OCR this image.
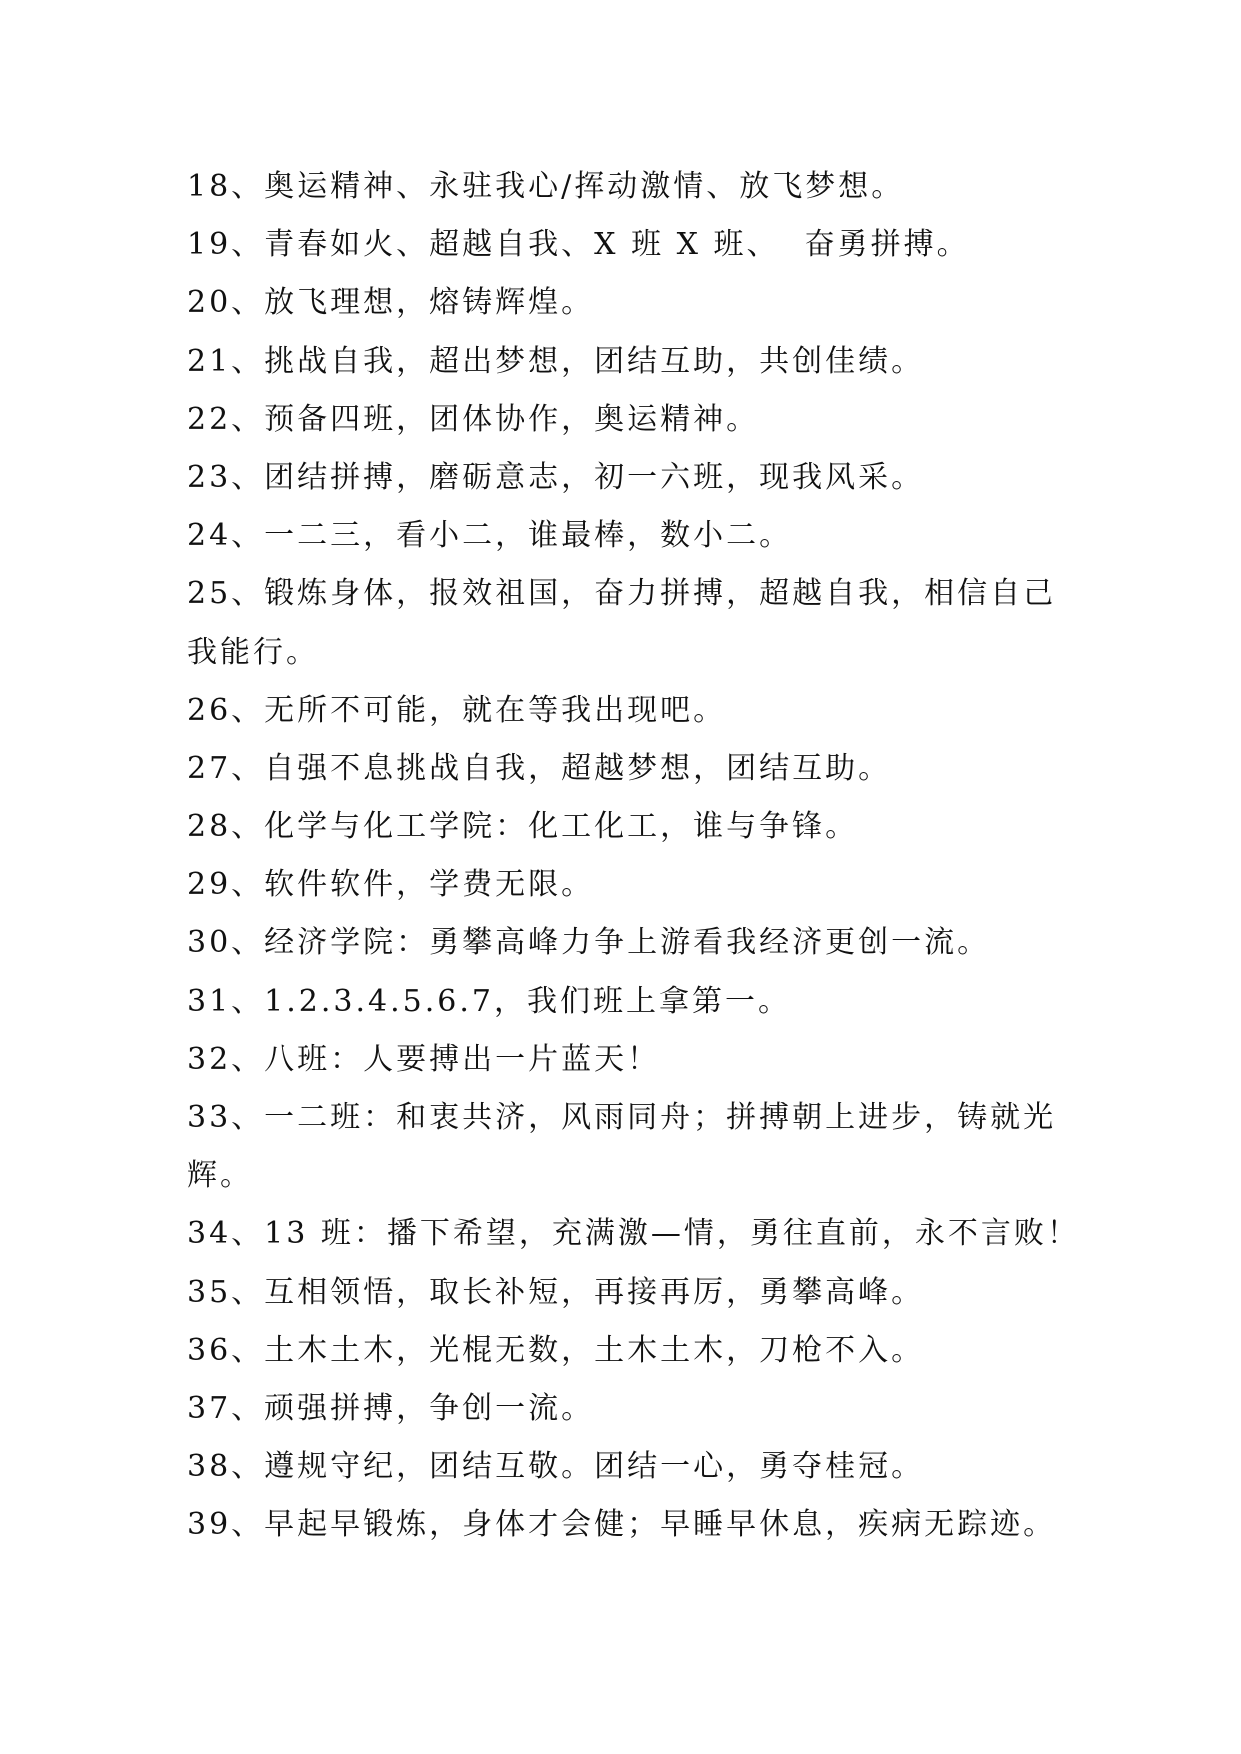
18、奥运精神、永驻我心/挥动激情、放飞梦想。
19、青春如火、超越自我、X 班 X 班、  奋勇拼搏。
20、放飞理想，熔铸辉煌。
21、挑战自我，超出梦想，团结互助，共创佳绩。
22、预备四班，团体协作，奥运精神。
23、团结拼搏，磨砺意志，初一六班，现我风采。
24、一二三，看小二，谁最棒，数小二。
25、锻炼身体，报效祖国，奋力拼搏，超越自我，相信自己
我能行。
26、无所不可能，就在等我出现吧。
27、自强不息挑战自我，超越梦想，团结互助。
28、化学与化工学院：化工化工，谁与争锋。
29、软件软件，学费无限。
30、经济学院：勇攀高峰力争上游看我经济更创一流。
31、1.2.3.4.5.6.7，我们班上拿第一。
32、八班：人要搏出一片蓝天！
33、一二班：和衷共济，风雨同舟；拼搏朝上进步，铸就光
辉。
34、13 班：播下希望，充满激—情，勇往直前，永不言败！
35、互相领悟，取长补短，再接再厉，勇攀高峰。
36、土木土木，光棍无数，土木土木，刀枪不入。
37、顽强拼搏，争创一流。
38、遵规守纪，团结互敬。团结一心，勇夺桂冠。
39、早起早锻炼，身体才会健；早睡早休息，疾病无踪迹。
